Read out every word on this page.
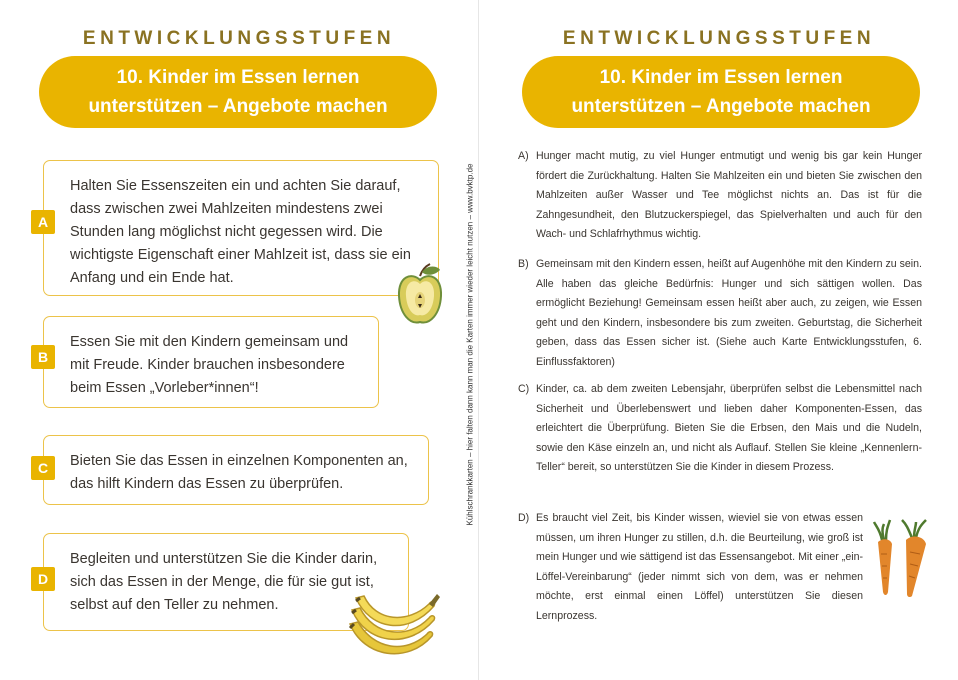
Kühlschrankkarten – hier falten dann kann man die Karten immer wieder leicht nutzen – www.bvktp.de
ENTWICKLUNGSSTUFEN
10. Kinder im Essen lernen
unterstützen – Angebote machen
Halten Sie Essenszeiten ein und achten Sie darauf, dass zwischen zwei Mahlzeiten mindestens zwei Stunden lang möglichst nicht gegessen wird. Die wichtigste Eigenschaft einer Mahlzeit ist, dass sie ein Anfang und ein Ende hat.
A
Essen Sie mit den Kindern gemeinsam und mit Freude. Kinder brauchen insbesondere beim Essen „Vorleber*innen“!
B
Bieten Sie das Essen in einzelnen Komponenten an, das hilft Kindern das Essen zu überprüfen.
C
Begleiten und unterstützen Sie die Kinder darin, sich das Essen in der Menge, die für sie gut ist, selbst auf den Teller zu nehmen.
D
ENTWICKLUNGSSTUFEN
10. Kinder im Essen lernen
unterstützen – Angebote machen
A) Hunger macht mutig, zu viel Hunger entmutigt und wenig bis gar kein Hunger fördert die Zurückhaltung. Halten Sie Mahlzeiten ein und bieten Sie zwischen den Mahlzeiten außer Wasser und Tee möglichst nichts an. Das ist für die Zahngesundheit, den Blutzuckerspiegel, das Spielverhalten und auch für den Wach- und Schlafrhythmus wichtig.
B) Gemeinsam mit den Kindern essen, heißt auf Augenhöhe mit den Kindern zu sein. Alle haben das gleiche Bedürfnis: Hunger und sich sättigen wollen. Das ermöglicht Beziehung! Gemeinsam essen heißt aber auch, zu zeigen, wie Essen geht und den Kindern, insbesondere bis zum zweiten. Geburtstag, die Sicherheit geben, dass das Essen sicher ist. (Siehe auch Karte Entwicklungsstufen, 6. Einflussfaktoren)
C) Kinder, ca. ab dem zweiten Lebensjahr, überprüfen selbst die Lebensmittel nach Sicherheit und Überlebenswert und lieben daher Komponenten-Essen, das erleichtert die Überprüfung. Bieten Sie die Erbsen, den Mais und die Nudeln, sowie den Käse einzeln an, und nicht als Auflauf. Stellen Sie kleine „Kennenlern-Teller“ bereit, so unterstützen Sie die Kinder in diesem Prozess.
D) Es braucht viel Zeit, bis Kinder wissen, wieviel sie von etwas essen müssen, um ihren Hunger zu stillen, d.h. die Beurteilung, wie groß ist mein Hunger und wie sättigend ist das Essensangebot. Mit einer „ein-Löffel-Vereinbarung“ (jeder nimmt sich von dem, was er nehmen möchte, erst einmal einen Löffel) unterstützen Sie diesen Lernprozess.
